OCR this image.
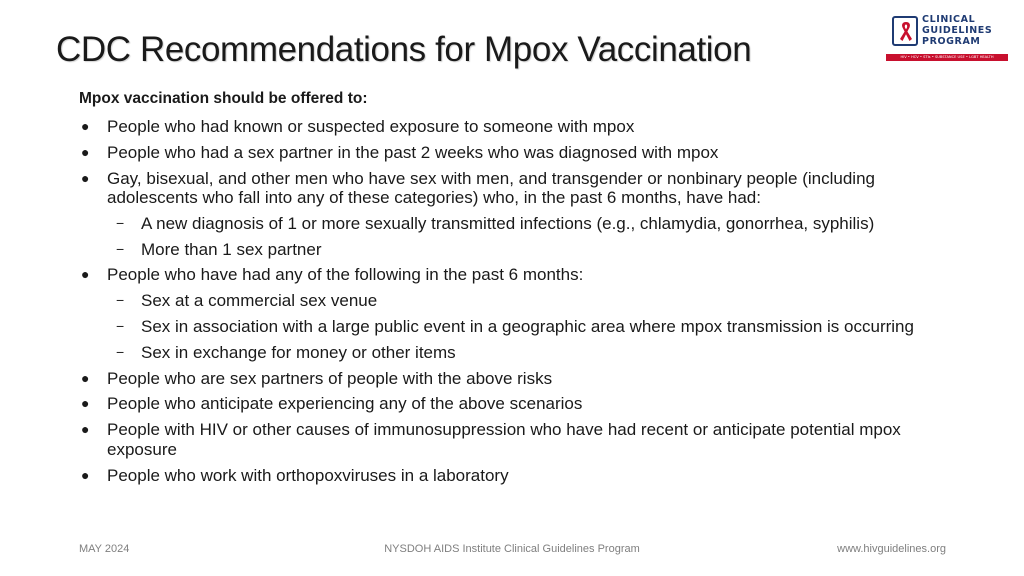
CDC Recommendations for Mpox Vaccination
CLINICAL
GUIDELINES
PROGRAM
HIV • HCV • STIs • SUBSTANCE USE • LGBT HEALTH

Mpox vaccination should be offered to:

● People who had known or suspected exposure to someone with mpox
● People who had a sex partner in the past 2 weeks who was diagnosed with mpox
● Gay, bisexual, and other men who have sex with men, and transgender or nonbinary people (including adolescents who fall into any of these categories) who, in the past 6 months, have had:
− A new diagnosis of 1 or more sexually transmitted infections (e.g., chlamydia, gonorrhea, syphilis)
− More than 1 sex partner
● People who have had any of the following in the past 6 months:
− Sex at a commercial sex venue
− Sex in association with a large public event in a geographic area where mpox transmission is occurring
− Sex in exchange for money or other items
● People who are sex partners of people with the above risks
● People who anticipate experiencing any of the above scenarios
● People with HIV or other causes of immunosuppression who have had recent or anticipate potential mpox exposure
● People who work with orthopoxviruses in a laboratory
MAY 2024	NYSDOH AIDS Institute Clinical Guidelines Program	www.hivguidelines.org
